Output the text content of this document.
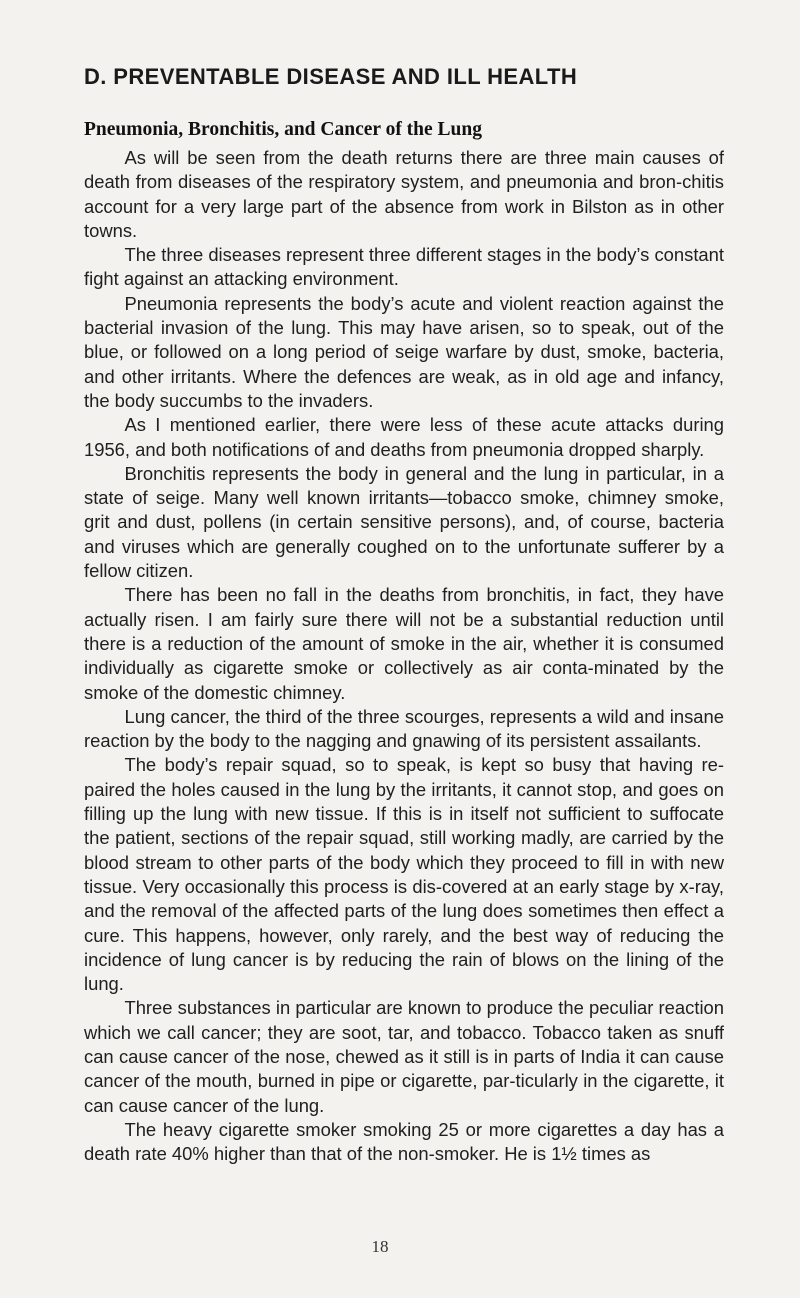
D. PREVENTABLE DISEASE AND ILL HEALTH
Pneumonia, Bronchitis, and Cancer of the Lung

As will be seen from the death returns there are three main causes of death from diseases of the respiratory system, and pneumonia and bron-chitis account for a very large part of the absence from work in Bilston as in other towns.

The three diseases represent three different stages in the body’s constant fight against an attacking environment.

Pneumonia represents the body’s acute and violent reaction against the bacterial invasion of the lung. This may have arisen, so to speak, out of the blue, or followed on a long period of seige warfare by dust, smoke, bacteria, and other irritants. Where the defences are weak, as in old age and infancy, the body succumbs to the invaders.

As I mentioned earlier, there were less of these acute attacks during 1956, and both notifications of and deaths from pneumonia dropped sharply.

Bronchitis represents the body in general and the lung in particular, in a state of seige. Many well known irritants—tobacco smoke, chimney smoke, grit and dust, pollens (in certain sensitive persons), and, of course, bacteria and viruses which are generally coughed on to the unfortunate sufferer by a fellow citizen.

There has been no fall in the deaths from bronchitis, in fact, they have actually risen. I am fairly sure there will not be a substantial reduction until there is a reduction of the amount of smoke in the air, whether it is consumed individually as cigarette smoke or collectively as air conta-minated by the smoke of the domestic chimney.

Lung cancer, the third of the three scourges, represents a wild and insane reaction by the body to the nagging and gnawing of its persistent assailants.

The body’s repair squad, so to speak, is kept so busy that having re-paired the holes caused in the lung by the irritants, it cannot stop, and goes on filling up the lung with new tissue. If this is in itself not sufficient to suffocate the patient, sections of the repair squad, still working madly, are carried by the blood stream to other parts of the body which they proceed to fill in with new tissue. Very occasionally this process is dis-covered at an early stage by x-ray, and the removal of the affected parts of the lung does sometimes then effect a cure. This happens, however, only rarely, and the best way of reducing the incidence of lung cancer is by reducing the rain of blows on the lining of the lung.

Three substances in particular are known to produce the peculiar reaction which we call cancer; they are soot, tar, and tobacco. Tobacco taken as snuff can cause cancer of the nose, chewed as it still is in parts of India it can cause cancer of the mouth, burned in pipe or cigarette, par-ticularly in the cigarette, it can cause cancer of the lung.

The heavy cigarette smoker smoking 25 or more cigarettes a day has a death rate 40% higher than that of the non-smoker. He is 1½ times as

18
